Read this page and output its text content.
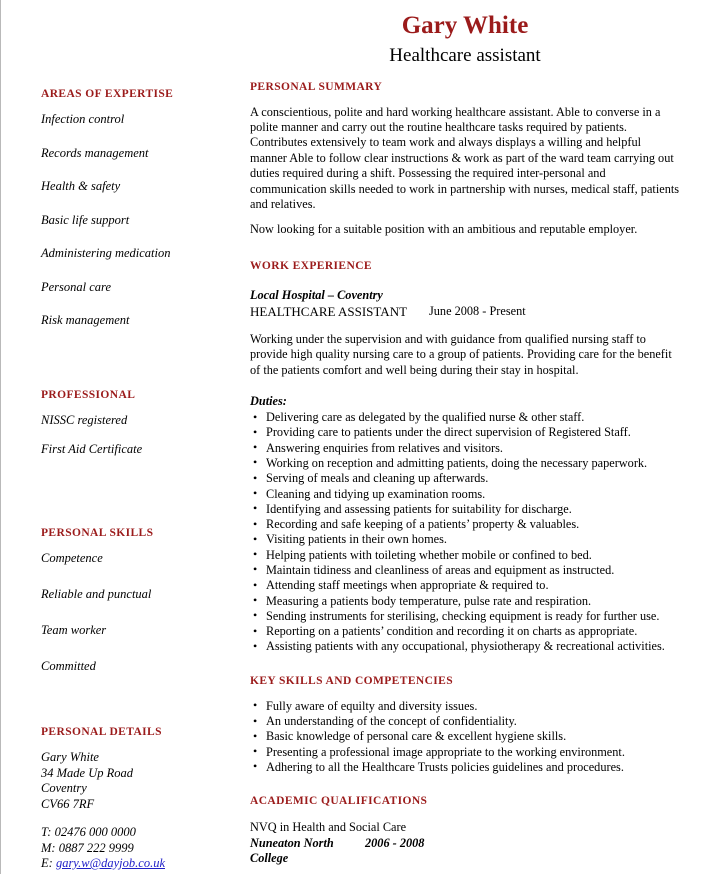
AREAS OF EXPERTISE
Infection control
Records management
Health & safety
Basic life support
Administering medication
Personal care
Risk management
PROFESSIONAL
NISSC registered
First Aid Certificate
PERSONAL SKILLS
Competence
Reliable and punctual
Team worker
Committed
PERSONAL DETAILS
Gary White
34 Made Up Road
Coventry
CV66 7RF
T: 02476 000 0000
M: 0887 222 9999
E: gary.w@dayjob.co.uk
Gary White
Healthcare assistant
PERSONAL SUMMARY

A conscientious, polite and hard working healthcare assistant. Able to converse in a polite manner and carry out the routine healthcare tasks required by patients. Contributes extensively to team work and always displays a willing and helpful manner Able to follow clear instructions & work as part of the ward team carrying out duties required during a shift. Possessing the required inter-personal and communication skills needed to work in partnership with nurses, medical staff, patients and relatives.

Now looking for a suitable position with an ambitious and reputable employer.

WORK EXPERIENCE
Local Hospital – Coventry
HEALTHCARE ASSISTANT	June 2008 - Present

Working under the supervision and with guidance from qualified nursing staff to provide high quality nursing care to a group of patients. Providing care for the benefit of the patients comfort and well being during their stay in hospital.

Duties:
• Delivering care as delegated by the qualified nurse & other staff.
• Providing care to patients under the direct supervision of Registered Staff.
• Answering enquiries from relatives and visitors.
• Working on reception and admitting patients, doing the necessary paperwork.
• Serving of meals and cleaning up afterwards.
• Cleaning and tidying up examination rooms.
• Identifying and assessing patients for suitability for discharge.
• Recording and safe keeping of a patients’ property & valuables.
• Visiting patients in their own homes.
• Helping patients with toileting whether mobile or confined to bed.
• Maintain tidiness and cleanliness of areas and equipment as instructed.
• Attending staff meetings when appropriate & required to.
• Measuring a patients body temperature, pulse rate and respiration.
• Sending instruments for sterilising, checking equipment is ready for further use.
• Reporting on a patients’ condition and recording it on charts as appropriate.
• Assisting patients with any occupational, physiotherapy & recreational activities.
KEY SKILLS AND COMPETENCIES
• Fully aware of equilty and diversity issues.
• An understanding of the concept of confidentiality.
• Basic knowledge of personal care & excellent hygiene skills.
• Presenting a professional image appropriate to the working environment.
• Adhering to all the Healthcare Trusts policies guidelines and procedures.
ACADEMIC QUALIFICATIONS
NVQ in Health and Social Care
Nuneaton North College
2006 - 2008
